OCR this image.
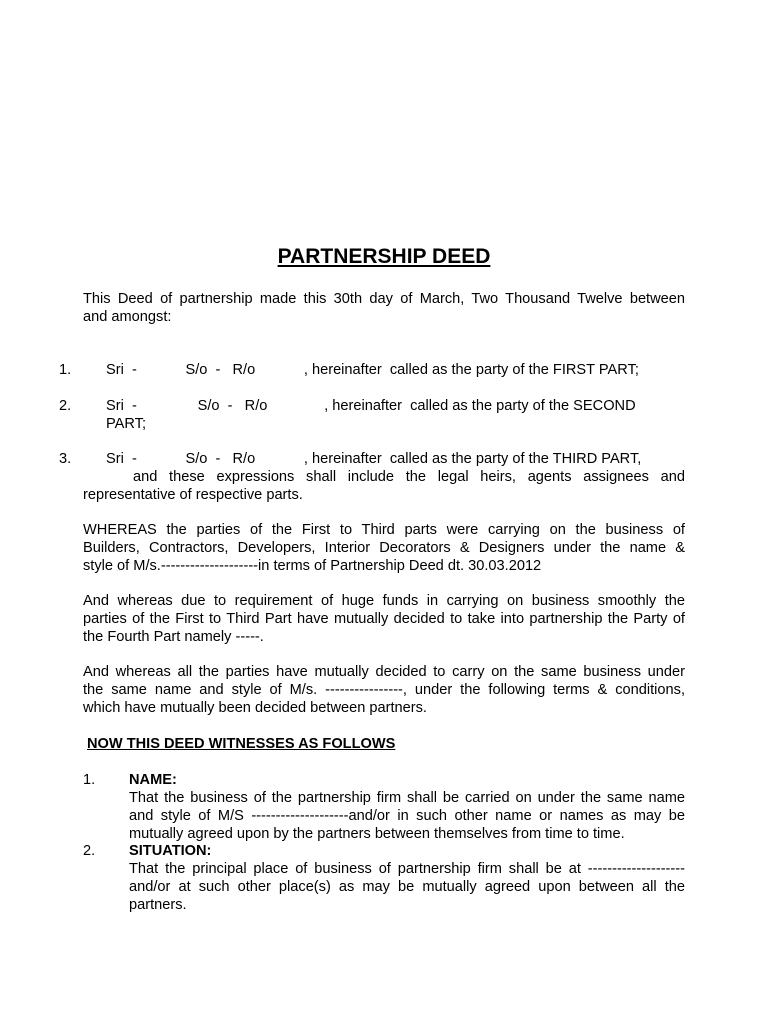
PARTNERSHIP DEED
This Deed of partnership made this 30th day of March, Two Thousand Twelve between
and amongst:
1. Sri  -            S/o  -   R/o            , hereinafter  called as the party of the FIRST PART;
2. Sri  -               S/o  -   R/o              , hereinafter  called as the party of the SECOND
PART;
3. Sri  -            S/o  -   R/o            , hereinafter  called as the party of the THIRD PART,
and these expressions shall include the legal heirs, agents assignees and
representative of respective parts.
WHEREAS the parties of the First to Third parts were carrying on the business of
Builders, Contractors, Developers, Interior Decorators & Designers under the name &
style of M/s.--------------------in terms of Partnership Deed dt. 30.03.2012
And whereas due to requirement of huge funds in carrying on business smoothly the
parties of the First to Third Part have mutually decided to take into partnership the Party of
the Fourth Part namely -----.
And whereas all the parties have mutually decided to carry on the same business under
the same name and style of M/s. ----------------, under the following terms & conditions,
which have mutually been decided between partners.
NOW THIS DEED WITNESSES AS FOLLOWS
1. NAME:
That the business of the partnership firm shall be carried on under the same name
and style of M/S --------------------and/or in such other name or names as may be
mutually agreed upon by the partners between themselves from time to time.
2. SITUATION:
That the principal place of business of partnership firm shall be at --------------------
and/or at such other place(s) as may be mutually agreed upon between all the
partners.
